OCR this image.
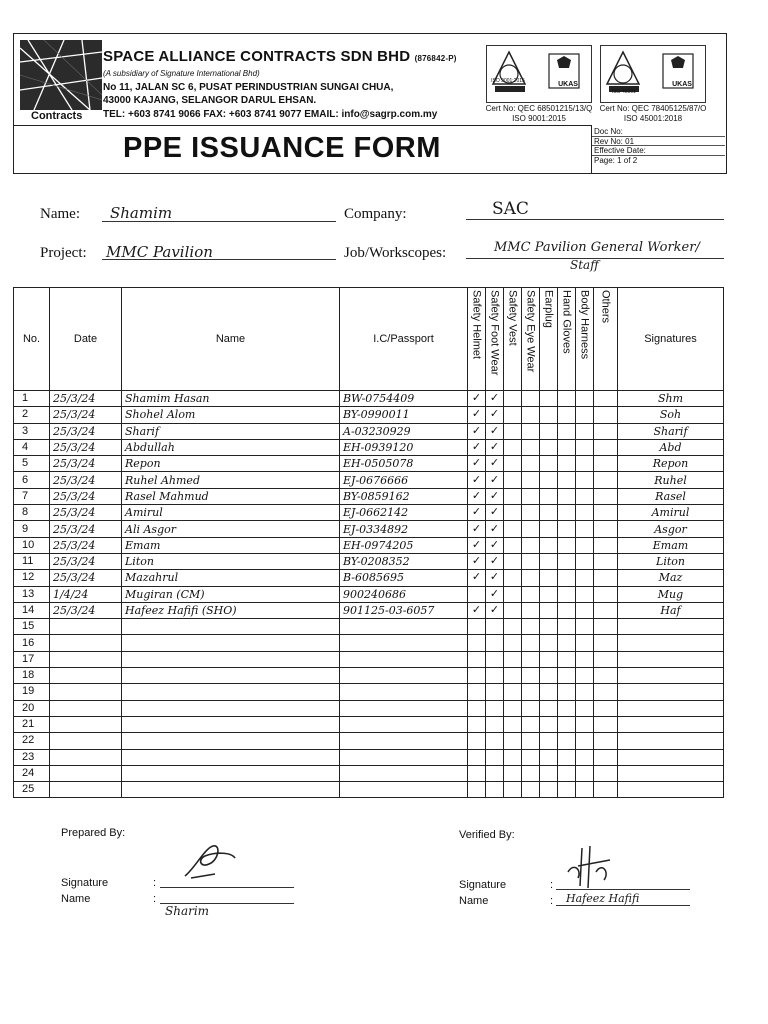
Contracts
SPACE ALLIANCE CONTRACTS SDN BHD (876842-P)
(A subsidiary of Signature International Bhd)
No 11, JALAN SC 6, PUSAT PERINDUSTRIAN SUNGAI CHUA,
43000 KAJANG, SELANGOR DARUL EHSAN.
TEL: +603 8741 9066 FAX: +603 8741 9077 EMAIL: info@sagrp.com.my
ISO 9001:2015	UKAS
Cert No: QEC 68501215/13/Q
ISO 9001:2015
ISO 45001
UKAS
Cert No: QEC 78405125/87/O
ISO 45001:2018
PPE ISSUANCE FORM
Doc No:
Rev No: 01
Effective Date:
Page: 1 of 2
Name: Shamim	Company:	SAC
Project: MMC Pavilion	Job/Workscopes:	MMC Pavilion General Worker/
Staff
No.	Date	Name	I.C/Passport	Safety Helmet	Safety Foot Wear	Safety Vest	Safety Eye Wear	Earplug	Hand Gloves	Body Harness	Others	Signatures
1	25/3/24	Shamim Hasan	BW-0754409	✓	✓							Shm
2	25/3/24	Shohel Alom	BY-0990011	✓	✓							Soh
3	25/3/24	Sharif	A-03230929	✓	✓							Sharif
4	25/3/24	Abdullah	EH-0939120	✓	✓							Abd
5	25/3/24	Repon	EH-0505078	✓	✓							Repon
6	25/3/24	Ruhel Ahmed	EJ-0676666	✓	✓							Ruhel
7	25/3/24	Rasel Mahmud	BY-0859162	✓	✓							Rasel
8	25/3/24	Amirul	EJ-0662142	✓	✓							Amirul
9	25/3/24	Ali Asgor	EJ-0334892	✓	✓							Asgor
10	25/3/24	Emam	EH-0974205	✓	✓							Emam
11	25/3/24	Liton	BY-0208352	✓	✓							Liton
12	25/3/24	Mazahrul	B-6085695	✓	✓							Maz
13	1/4/24	Mugiran (CM)	900240686		✓							Mug
14	25/3/24	Hafeez Hafifi (SHO)	901125-03-6057	✓	✓							Haf
15												
16												
17												
18												
19												
20												
21												
22												
23												
24												
25												
Prepared By:	Verified By:
Signature	:
Name	:
Sharim
Signature	:
Name	: Hafeez Hafifi
